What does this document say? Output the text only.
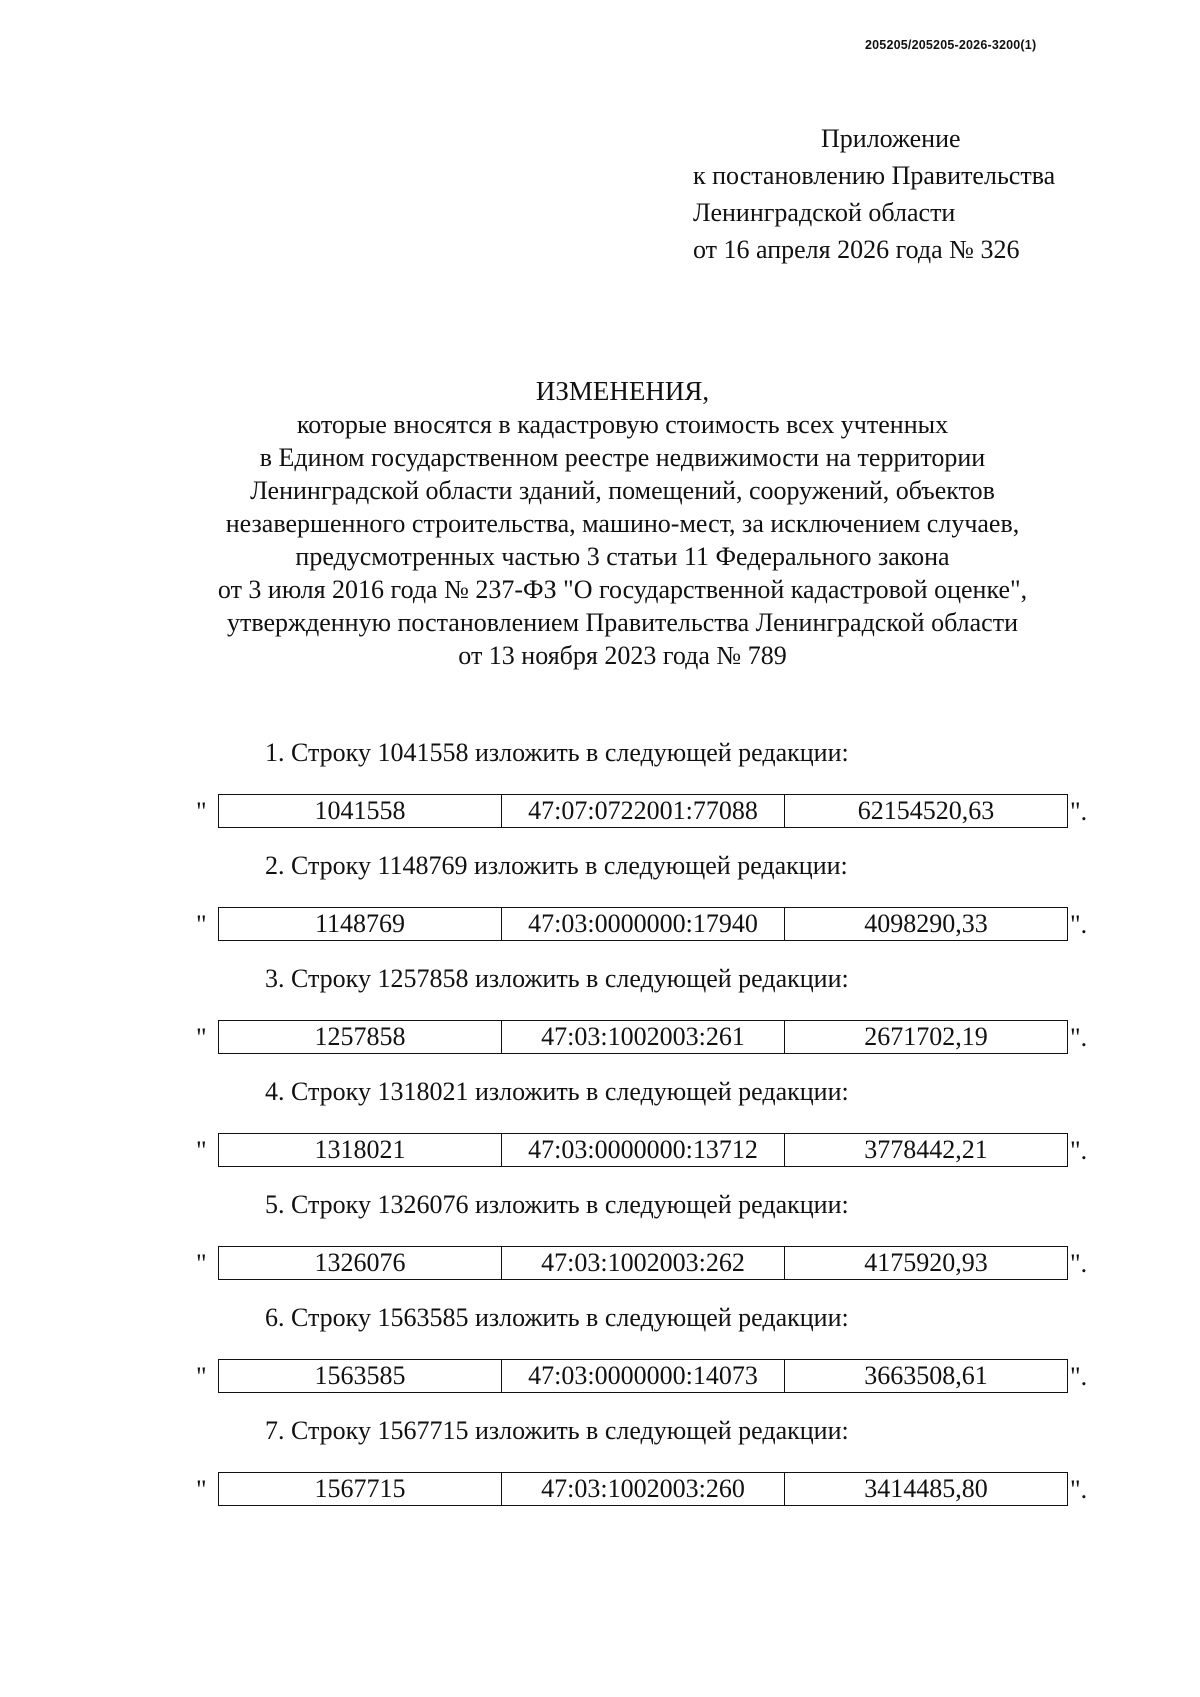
205205/205205-2026-3200(1)
Приложение
к постановлению Правительства
Ленинградской области
от 16 апреля 2026 года № 326
ИЗМЕНЕНИЯ,
которые вносятся в кадастровую стоимость всех учтенных
в Едином государственном реестре недвижимости на территории
Ленинградской области зданий, помещений, сооружений, объектов
незавершенного строительства, машино-мест, за исключением случаев,
предусмотренных частью 3 статьи 11 Федерального закона
от 3 июля 2016 года № 237-ФЗ "О государственной кадастровой оценке",
утвержденную постановлением Правительства Ленинградской области
от 13 ноября 2023 года № 789
1. Строку 1041558 изложить в следующей редакции:
"	1041558	47:07:0722001:77088	62154520,63	".
2. Строку 1148769 изложить в следующей редакции:
"	1148769	47:03:0000000:17940	4098290,33	".
3. Строку 1257858 изложить в следующей редакции:
"	1257858	47:03:1002003:261	2671702,19	".
4. Строку 1318021 изложить в следующей редакции:
"	1318021	47:03:0000000:13712	3778442,21	".
5. Строку 1326076 изложить в следующей редакции:
"	1326076	47:03:1002003:262	4175920,93	".
6. Строку 1563585 изложить в следующей редакции:
"	1563585	47:03:0000000:14073	3663508,61	".
7. Строку 1567715 изложить в следующей редакции:
"	1567715	47:03:1002003:260	3414485,80	".
